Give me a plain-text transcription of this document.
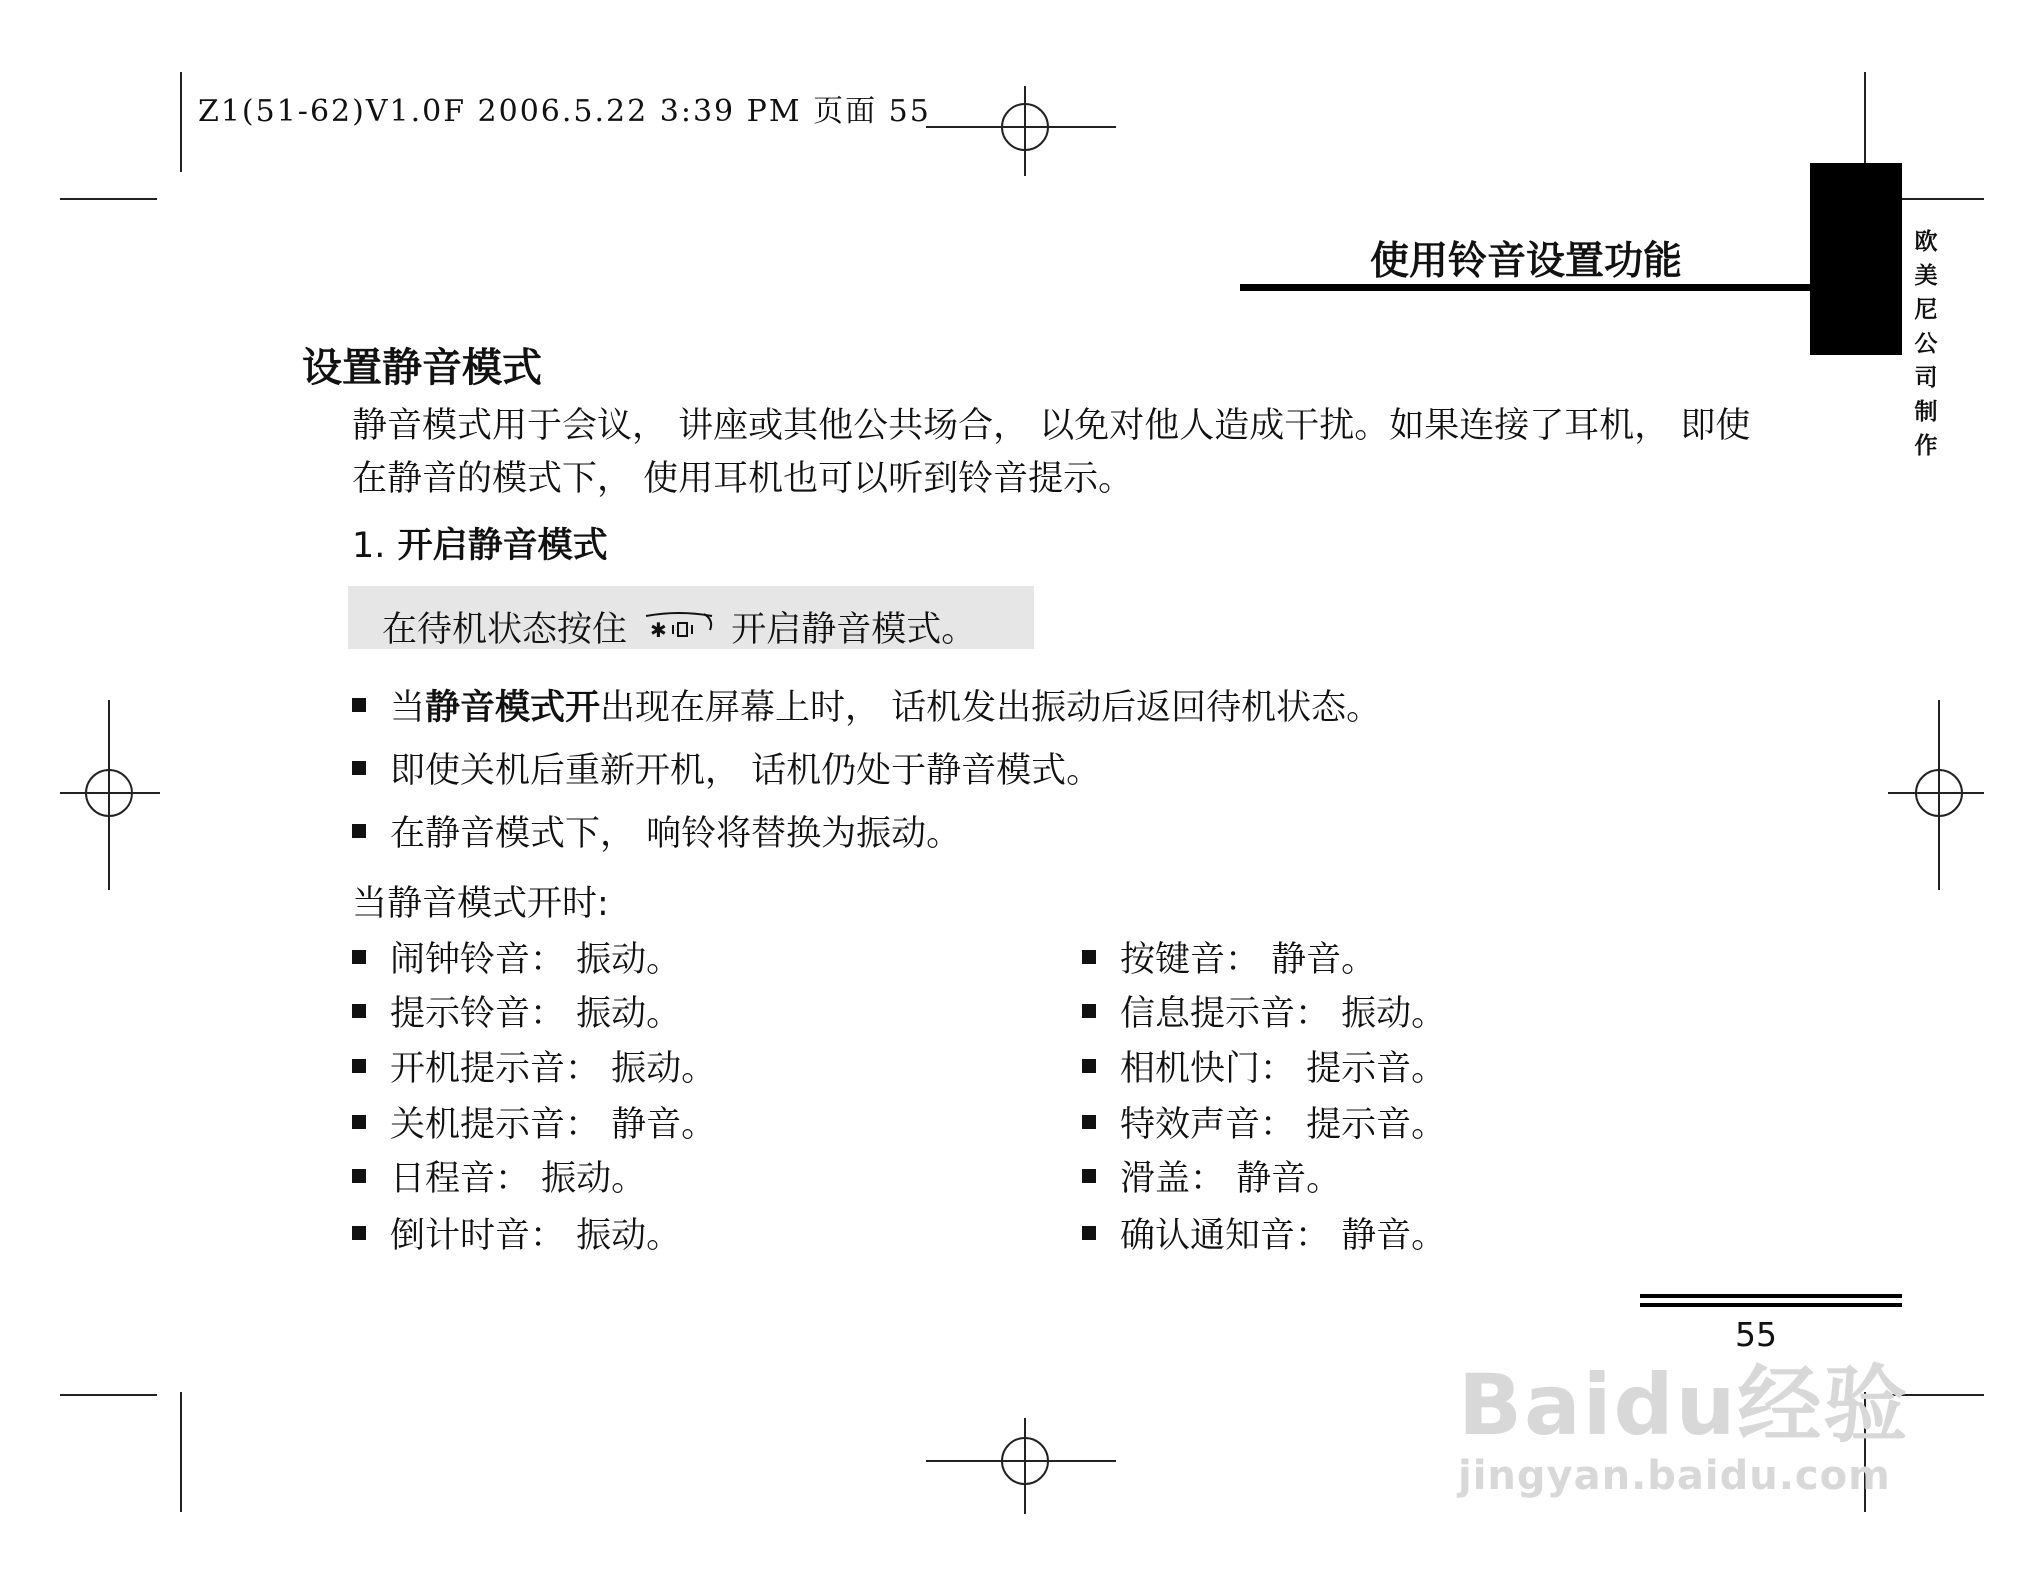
Z1(51-62)V1.0F 2006.5.22 3:39 PM 页面 55
使用铃音设置功能	欧
美
尼
公
司
制
作
设置静音模式
静音模式用于会议， 讲座或其他公共场合， 以免对他人造成干扰。如果连接了耳机， 即使在静音的模式下， 使用耳机也可以听到铃音提示。
1. 开启静音模式
在待机状态按住 ✱ 开启静音模式。
当静音模式开出现在屏幕上时， 话机发出振动后返回待机状态。
即使关机后重新开机， 话机仍处于静音模式。
在静音模式下， 响铃将替换为振动。
当静音模式开时:
闹钟铃音： 振动。
提示铃音： 振动。
开机提示音： 振动。
关机提示音： 静音。
日程音： 振动。
倒计时音： 振动。
按键音： 静音。
信息提示音： 振动。
相机快门： 提示音。
特效声音： 提示音。
滑盖： 静音。
确认通知音： 静音。
55
Baidu经验
jingyan.baidu.com
